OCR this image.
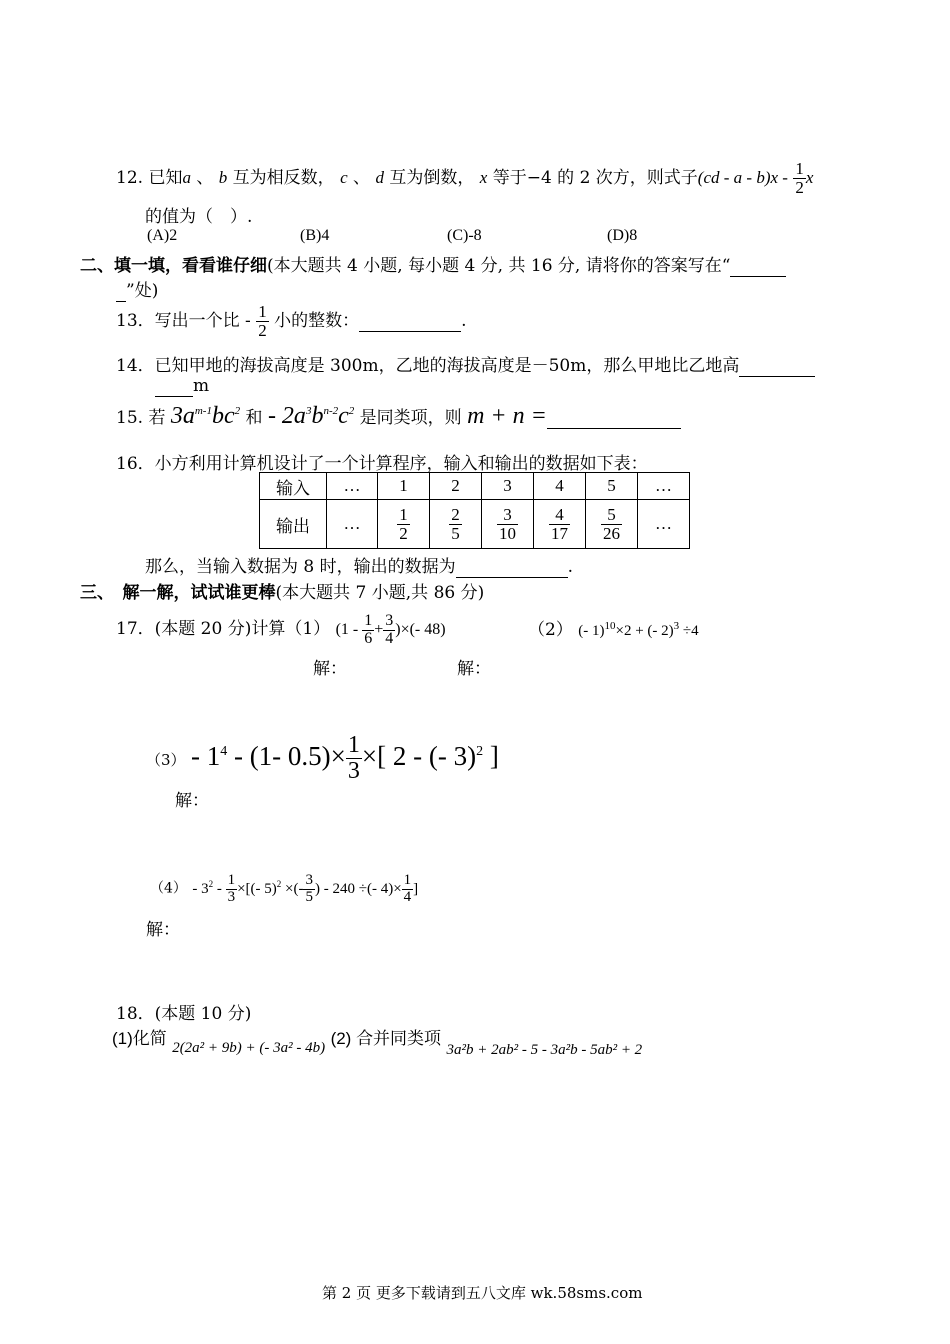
12. 已知a 、 b 互为相反数， c 、 d 互为倒数， x 等于−4 的 2 次方，则式子(cd - a - $b)x - \frac{1}{2}$ x
的值为（　）.
(A)2	(B)4	(C)-8	(D)8
二、填一填，看看谁仔细(本大题共 4 小题, 每小题 4 分, 共 16 分, 请将你的答案写在“
”处)
13．写出一个比 - $\frac{1}{2}$ 小的整数：	.
14．已知甲地的海拔高度是 300m，乙地的海拔高度是－50m，那么甲地比乙地高
m
15. 若 $3a^{m-1}bc^2$ 和 - $2a^3b^{n-2}c^2$ 是同类项，则 m + n =
16．小方利用计算机设计了一个计算程序，输入和输出的数据如下表：
输入	…	1	2	3	4	5	…
输出	…	$\frac{1}{2}$	$\frac{2}{5}$	$\frac{3}{10}$	$\frac{4}{17}$	$\frac{5}{26}$	…
那么，当输入数据为 8 时，输出的数据为	.
三、　解一解，试试谁更棒(本大题共 7 小题,共 86 分)
17．(本题 20 分)计算（1） ($1 - \frac{1}{6} + \frac{3}{4}$ )×(- 48)	（2） (- 1)$^{10}$×2 + (- 2)$^3$ ÷4
解：	解：
$(3) - 1^4 - (1-$ $0.5)\times \frac{1}{3}$ ×[ 2 - (- 3)$^2$ ]
解：
$(4) - 3^2 - \frac{1}{3}$ ×[(- 5)$^2$ ×(- $\frac{3}{5}$ ) - 240 ÷(- $4)\times \frac{1}{4}$ ]
解：
18．(本题 10 分)
(1)化简 2(2a² + 9b) + (- 3a² - 4b) (2) 合并同类项 3a²b + 2ab² - 5 - 3a²b - 5ab² + 2
第 2 页 更多下载请到五八文库 wk.58sms.com
